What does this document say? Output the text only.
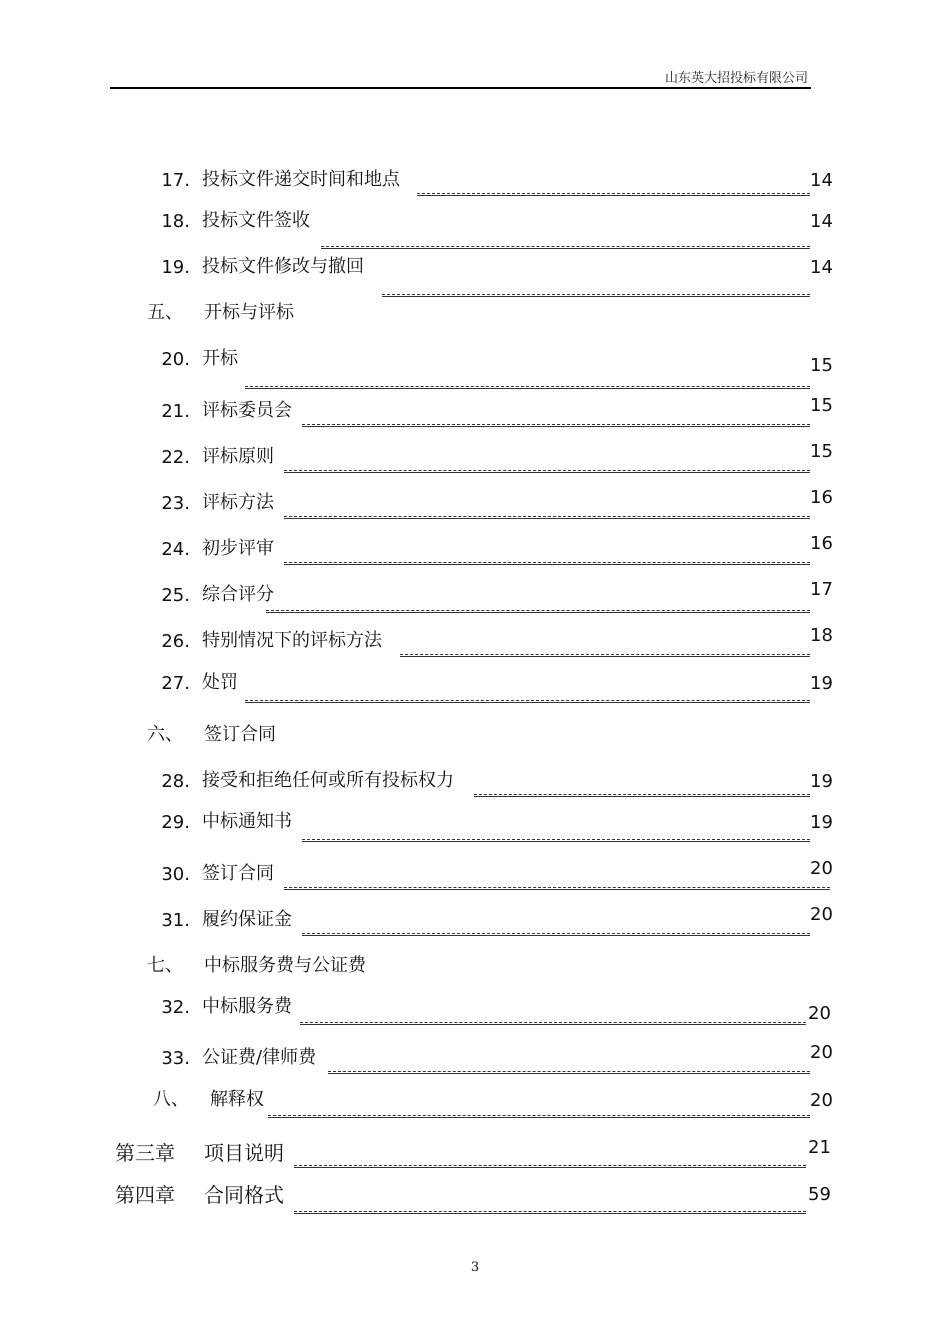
山东英大招投标有限公司
17. 投标文件递交时间和地点	14
18. 投标文件签收	14
19. 投标文件修改与撤回	14
五、 开标与评标
20. 开标	15
21. 评标委员会	15
22. 评标原则	15
23. 评标方法	16
24. 初步评审	16
25. 综合评分	17
26. 特别情况下的评标方法	18
27. 处罚	19
六、 签订合同
28. 接受和拒绝任何或所有投标权力	19
29. 中标通知书	19
30. 签订合同	20
31. 履约保证金	20
七、 中标服务费与公证费
32. 中标服务费	20
33. 公证费/律师费	20
八、 解释权	20
第三章 项目说明	21
第四章 合同格式	59
3
